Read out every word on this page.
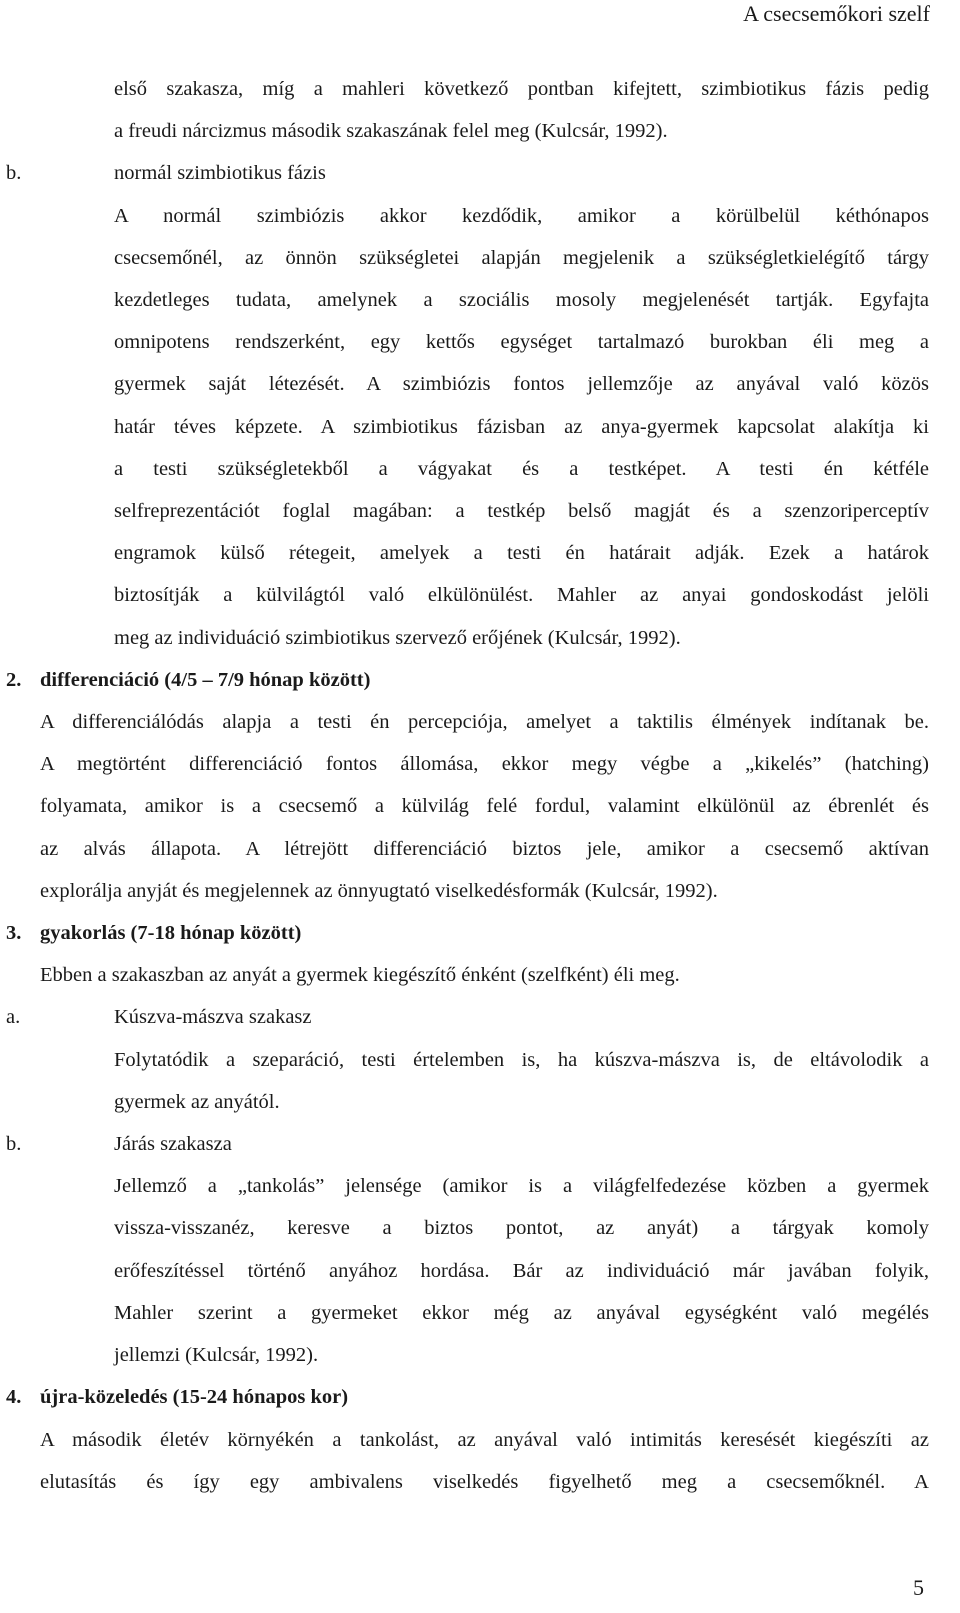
A csecsemőkori szelf
első szakasza, míg a mahleri következő pontban kifejtett, szimbiotikus fázis pedig
a freudi nárcizmus második szakaszának felel meg (Kulcsár, 1992).
b.	normál szimbiotikus fázis
A normál szimbiózis akkor kezdődik, amikor a körülbelül kéthónapos
csecsemőnél, az önnön szükségletei alapján megjelenik a szükségletkielégítő tárgy
kezdetleges tudata, amelynek a szociális mosoly megjelenését tartják. Egyfajta
omnipotens rendszerként, egy kettős egységet tartalmazó burokban éli meg a
gyermek saját létezését. A szimbiózis fontos jellemzője az anyával való közös
határ téves képzete. A szimbiotikus fázisban az anya-gyermek kapcsolat alakítja ki
a testi szükségletekből a vágyakat és a testképet. A testi én kétféle
selfreprezentációt foglal magában: a testkép belső magját és a szenzoriperceptív
engramok külső rétegeit, amelyek a testi én határait adják. Ezek a határok
biztosítják a külvilágtól való elkülönülést. Mahler az anyai gondoskodást jelöli
meg az individuáció szimbiotikus szervező erőjének (Kulcsár, 1992).
2. differenciáció (4/5 – 7/9 hónap között)
A differenciálódás alapja a testi én percepciója, amelyet a taktilis élmények indítanak be.
A megtörtént differenciáció fontos állomása, ekkor megy végbe a „kikelés” (hatching)
folyamata, amikor is a csecsemő a külvilág felé fordul, valamint elkülönül az ébrenlét és
az alvás állapota. A létrejött differenciáció biztos jele, amikor a csecsemő aktívan
explorálja anyját és megjelennek az önnyugtató viselkedésformák (Kulcsár, 1992).
3. gyakorlás (7-18 hónap között)
Ebben a szakaszban az anyát a gyermek kiegészítő énként (szelfként) éli meg.
a.	Kúszva-mászva szakasz
Folytatódik a szeparáció, testi értelemben is, ha kúszva-mászva is, de eltávolodik a
gyermek az anyától.
b.	Járás szakasza
Jellemző a „tankolás” jelensége (amikor is a világfelfedezése közben a gyermek
vissza-visszanéz, keresve a biztos pontot, az anyát) a tárgyak komoly
erőfeszítéssel történő anyához hordása. Bár az individuáció már javában folyik,
Mahler szerint a gyermeket ekkor még az anyával egységként való megélés
jellemzi (Kulcsár, 1992).
4. újra-közeledés (15-24 hónapos kor)
A második életév környékén a tankolást, az anyával való intimitás keresését kiegészíti az
elutasítás és így egy ambivalens viselkedés figyelhető meg a csecsemőknél. A
5
